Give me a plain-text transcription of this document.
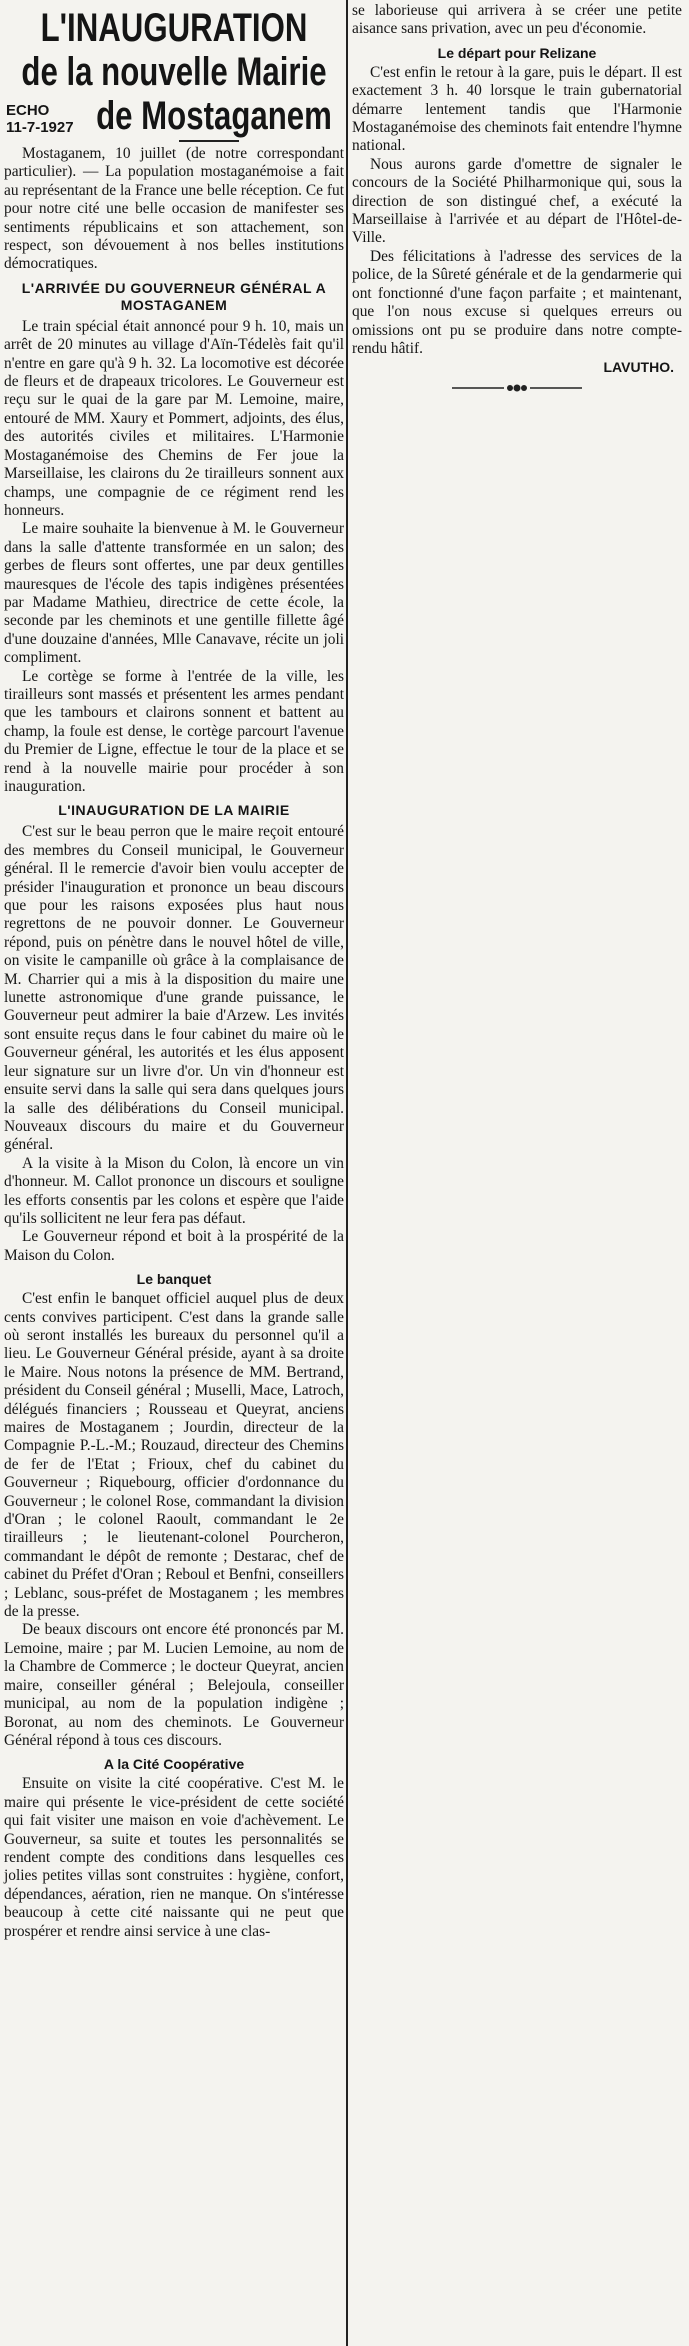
L'INAUGURATION
de la nouvelle Mairie
ECHO
11-7-1927 de Mostaganem

Mostaganem, 10 juillet (de notre correspondant particulier). — La population mostaganémoise a fait au représentant de la France une belle réception. Ce fut pour notre cité une belle occasion de manifester ses sentiments républicains et son attachement, son respect, son dévouement à nos belles institutions démocratiques.

L'ARRIVÉE DU GOUVERNEUR GÉNÉRAL A MOSTAGANEM

Le train spécial était annoncé pour 9 h. 10, mais un arrêt de 20 minutes au village d'Aïn-Tédelès fait qu'il n'entre en gare qu'à 9 h. 32. La locomotive est décorée de fleurs et de drapeaux tricolores. Le Gouverneur est reçu sur le quai de la gare par M. Lemoine, maire, entouré de MM. Xaury et Pommert, adjoints, des élus, des autorités civiles et militaires. L'Harmonie Mostaganémoise des Chemins de Fer joue la Marseillaise, les clairons du 2e tirailleurs sonnent aux champs, une compagnie de ce régiment rend les honneurs.

Le maire souhaite la bienvenue à M. le Gouverneur dans la salle d'attente transformée en un salon; des gerbes de fleurs sont offertes, une par deux gentilles mauresques de l'école des tapis indigènes présentées par Madame Mathieu, directrice de cette école, la seconde par les cheminots et une gentille fillette âgé d'une douzaine d'années, Mlle Canavave, récite un joli compliment.

Le cortège se forme à l'entrée de la ville, les tirailleurs sont massés et présentent les armes pendant que les tambours et clairons sonnent et battent au champ, la foule est dense, le cortège parcourt l'avenue du Premier de Ligne, effectue le tour de la place et se rend à la nouvelle mairie pour procéder à son inauguration.

L'INAUGURATION DE LA MAIRIE

C'est sur le beau perron que le maire reçoit entouré des membres du Conseil municipal, le Gouverneur général. Il le remercie d'avoir bien voulu accepter de présider l'inauguration et prononce un beau discours que pour les raisons exposées plus haut nous regrettons de ne pouvoir donner. Le Gouverneur répond, puis on pénètre dans le nouvel hôtel de ville, on visite le campanille où grâce à la complaisance de M. Charrier qui a mis à la disposition du maire une lunette astronomique d'une grande puissance, le Gouverneur peut admirer la baie d'Arzew. Les invités sont ensuite reçus dans le four cabinet du maire où le Gouverneur général, les autorités et les élus apposent leur signature sur un livre d'or. Un vin d'honneur est ensuite servi dans la salle qui sera dans quelques jours la salle des délibérations du Conseil municipal. Nouveaux discours du maire et du Gouverneur général.

A la visite à la Mison du Colon, là encore un vin d'honneur. M. Callot prononce un discours et souligne les efforts consentis par les colons et espère que l'aide qu'ils sollicitent ne leur fera pas défaut.

Le Gouverneur répond et boit à la prospérité de la Maison du Colon.

Le banquet

C'est enfin le banquet officiel auquel plus de deux cents convives participent. C'est dans la grande salle où seront installés les bureaux du personnel qu'il a lieu. Le Gouverneur Général préside, ayant à sa droite le Maire. Nous notons la présence de MM. Bertrand, président du Conseil général ; Muselli, Mace, Latroch, délégués financiers ; Rousseau et Queyrat, anciens maires de Mostaganem ; Jourdin, directeur de la Compagnie P.-L.-M.; Rouzaud, directeur des Chemins de fer de l'Etat ; Frioux, chef du cabinet du Gouverneur ; Riquebourg, officier d'ordonnance du Gouverneur ; le colonel Rose, commandant la division d'Oran ; le colonel Raoult, commandant le 2e tirailleurs ; le lieutenant-colonel Pourcheron, commandant le dépôt de remonte ; Destarac, chef de cabinet du Préfet d'Oran ; Reboul et Benfni, conseillers ; Leblanc, sous-préfet de Mostaganem ; les membres de la presse.

De beaux discours ont encore été prononcés par M. Lemoine, maire ; par M. Lucien Lemoine, au nom de la Chambre de Commerce ; le docteur Queyrat, ancien maire, conseiller général ; Belejoula, conseiller municipal, au nom de la population indigène ; Boronat, au nom des cheminots. Le Gouverneur Général répond à tous ces discours.

A la Cité Coopérative

Ensuite on visite la cité coopérative. C'est M. le maire qui présente le vice-président de cette société qui fait visiter une maison en voie d'achèvement. Le Gouverneur, sa suite et toutes les personnalités se rendent compte des conditions dans lesquelles ces jolies petites villas sont construites : hygiène, confort, dépendances, aération, rien ne manque. On s'intéresse beaucoup à cette cité naissante qui ne peut que prospérer et rendre ainsi service à une clas-

se laborieuse qui arrivera à se créer une petite aisance sans privation, avec un peu d'économie.

Le départ pour Relizane

C'est enfin le retour à la gare, puis le départ. Il est exactement 3 h. 40 lorsque le train gubernatorial démarre lentement tandis que l'Harmonie Mostaganémoise des cheminots fait entendre l'hymne national.

Nous aurons garde d'omettre de signaler le concours de la Société Philharmonique qui, sous la direction de son distingué chef, a exécuté la Marseillaise à l'arrivée et au départ de l'Hôtel-de-Ville.

Des félicitations à l'adresse des services de la police, de la Sûreté générale et de la gendarmerie qui ont fonctionné d'une façon parfaite ; et maintenant, que l'on nous excuse si quelques erreurs ou omissions ont pu se produire dans notre compte-rendu hâtif.

LAVUTHO.
